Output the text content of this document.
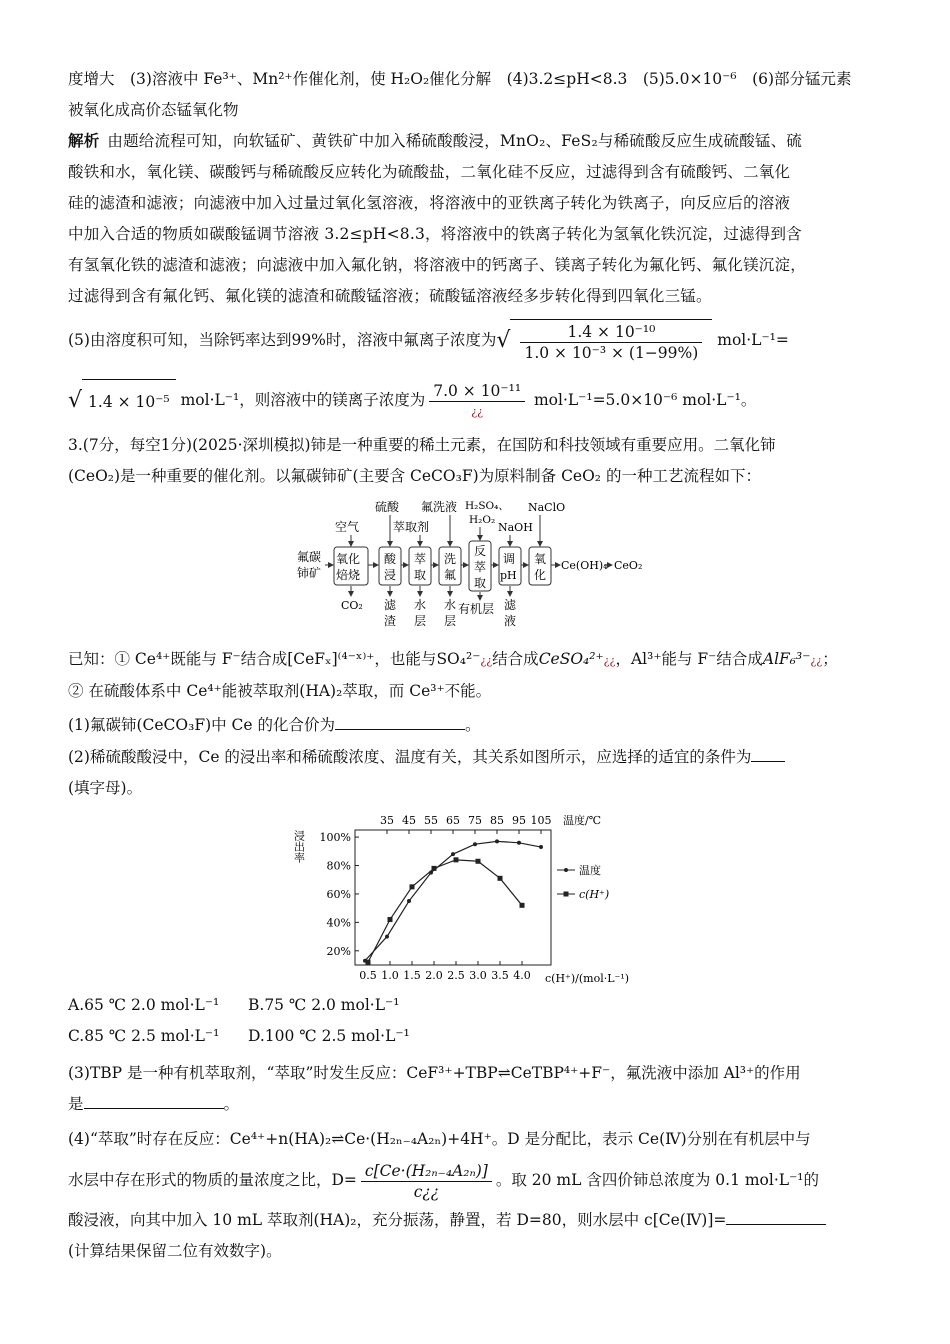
度增大　(3)溶液中 Fe³⁺、Mn²⁺作催化剂，使 H₂O₂催化分解　(4)3.2≤pH<8.3　(5)5.0×10⁻⁶　(6)部分锰元素
被氧化成高价态锰氧化物
解析 由题给流程可知，向软锰矿、黄铁矿中加入稀硫酸酸浸，MnO₂、FeS₂与稀硫酸反应生成硫酸锰、硫
酸铁和水，氧化镁、碳酸钙与稀硫酸反应转化为硫酸盐，二氧化硅不反应，过滤得到含有硫酸钙、二氧化
硅的滤渣和滤液；向滤液中加入过量过氧化氢溶液，将溶液中的亚铁离子转化为铁离子，向反应后的溶液
中加入合适的物质如碳酸锰调节溶液 3.2≤pH<8.3，将溶液中的铁离子转化为氢氧化铁沉淀，过滤得到含
有氢氧化铁的滤渣和滤液；向滤液中加入氟化钠，将溶液中的钙离子、镁离子转化为氟化钙、氟化镁沉淀，
过滤得到含有氟化钙、氟化镁的滤渣和硫酸锰溶液；硫酸锰溶液经多步转化得到四氧化三锰。
(5)由溶度积可知，当除钙率达到99%时，溶液中氟离子浓度为√ $\frac{\text{1.4 × 10⁻¹⁰}}{\text{1.0 × 10⁻³ × (1−99\%)}} mol\cdot L^{-1}=$
√ 1.4 × 10⁻⁵ mol·L⁻¹，则溶液中的镁离子浓度为 $\frac{\text{7.0 × 10⁻¹¹}}{¿¿} mol\cdot L^{-1}=5.0\times 10^{-6}$ mol·L⁻¹。
3.(7分，每空1分)(2025·深圳模拟)铈是一种重要的稀土元素，在国防和科技领域有重要应用。二氧化铈
(CeO₂)是一种重要的催化剂。以氟碳铈矿(主要含 CeCO₃F)为原料制备 CeO₂ 的一种工艺流程如下：
氟碳
铈矿
氧化
焙烧
酸
浸
萃
取
洗
氟
反
萃
取
调
pH
氧
化
Ce(OH)₄ CeO₂
空气
硫酸
萃取剂
氟洗液 H₂SO₄、
H₂O₂
NaOH
NaClO
CO₂ 滤
渣
水
层
水
层
有机层 滤
液
已知：① Ce⁴⁺既能与 F⁻结合成[CeFₓ]⁽⁴⁻ˣ⁾⁺，也能与SO₄²⁻¿¿结合成CeSO₄²⁺¿¿，Al³⁺能与 F⁻结合成AlF₆³⁻¿¿；
② 在硫酸体系中 Ce⁴⁺能被萃取剂(HA)₂萃取，而 Ce³⁺不能。
(1)氟碳铈(CeCO₃F)中 Ce 的化合价为	。
(2)稀硫酸酸浸中，Ce 的浸出率和稀硫酸浓度、温度有关，其关系如图所示，应选择的适宜的条件为
(填字母)。
温度/℃
浸出率
20%
40%
60%
80%
100%
35 45 55 65 75 85 95 105
0.5 1.0 1.5 2.0 2.5 3.0 3.5 4.0
温度
c(H⁺)
c(H⁺)/(mol·L⁻¹)
A.65 ℃ 2.0 mol·L⁻¹ B.75 ℃ 2.0 mol·L⁻¹
C.85 ℃ 2.5 mol·L⁻¹ D.100 ℃ 2.5 mol·L⁻¹
(3)TBP 是一种有机萃取剂，“萃取”时发生反应：CeF³⁺+TBP⇌CeTBP⁴⁺+F⁻，氟洗液中添加 Al³⁺的作用
是	。
(4)“萃取”时存在反应：Ce⁴⁺+n(HA)₂⇌Ce·(H₂ₙ₋₄A₂ₙ)+4H⁺。D 是分配比，表示 Ce(Ⅳ)分别在有机层中与
水层中存在形式的物质的量浓度之比，$D= \frac{\text{c[Ce·(H₂ₙ₋₄A₂ₙ)]}}{c¿¿}$ 。取 20 mL 含四价铈总浓度为 0.1 mol·L⁻¹的
酸浸液，向其中加入 10 mL 萃取剂(HA)₂，充分振荡，静置，若 D=80，则水层中 c[Ce(Ⅳ)]=
(计算结果保留二位有效数字)。
